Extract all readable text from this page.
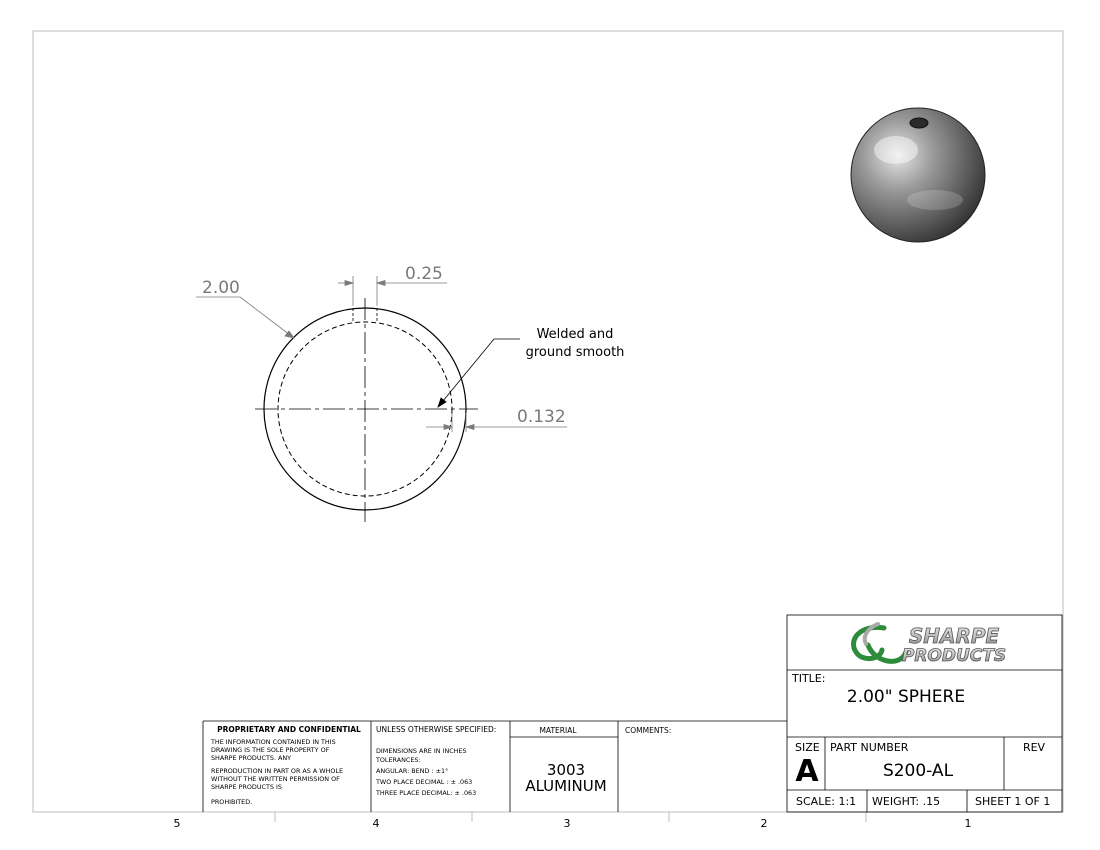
5	4	3	2	1
0.25
2.00
0.132
Welded and
ground smooth
PROPRIETARY AND CONFIDENTIAL
THE INFORMATION CONTAINED IN THIS
DRAWING IS THE SOLE PROPERTY OF
SHARPE PRODUCTS. ANY
REPRODUCTION IN PART OR AS A WHOLE
WITHOUT THE WRITTEN PERMISSION OF
SHARPE PRODUCTS IS
PROHIBITED.
UNLESS OTHERWISE SPECIFIED:
DIMENSIONS ARE IN INCHES
TOLERANCES:
ANGULAR: BEND : ±1°
TWO PLACE DECIMAL : ± .063
THREE PLACE DECIMAL: ± .063
MATERIAL
3003
ALUMINUM
COMMENTS:
SHARPE
PRODUCTS
TITLE:
2.00" SPHERE
SIZE
A
PART NUMBER
S200-AL
REV
SCALE: 1:1 WEIGHT: .15	SHEET 1 OF 1
